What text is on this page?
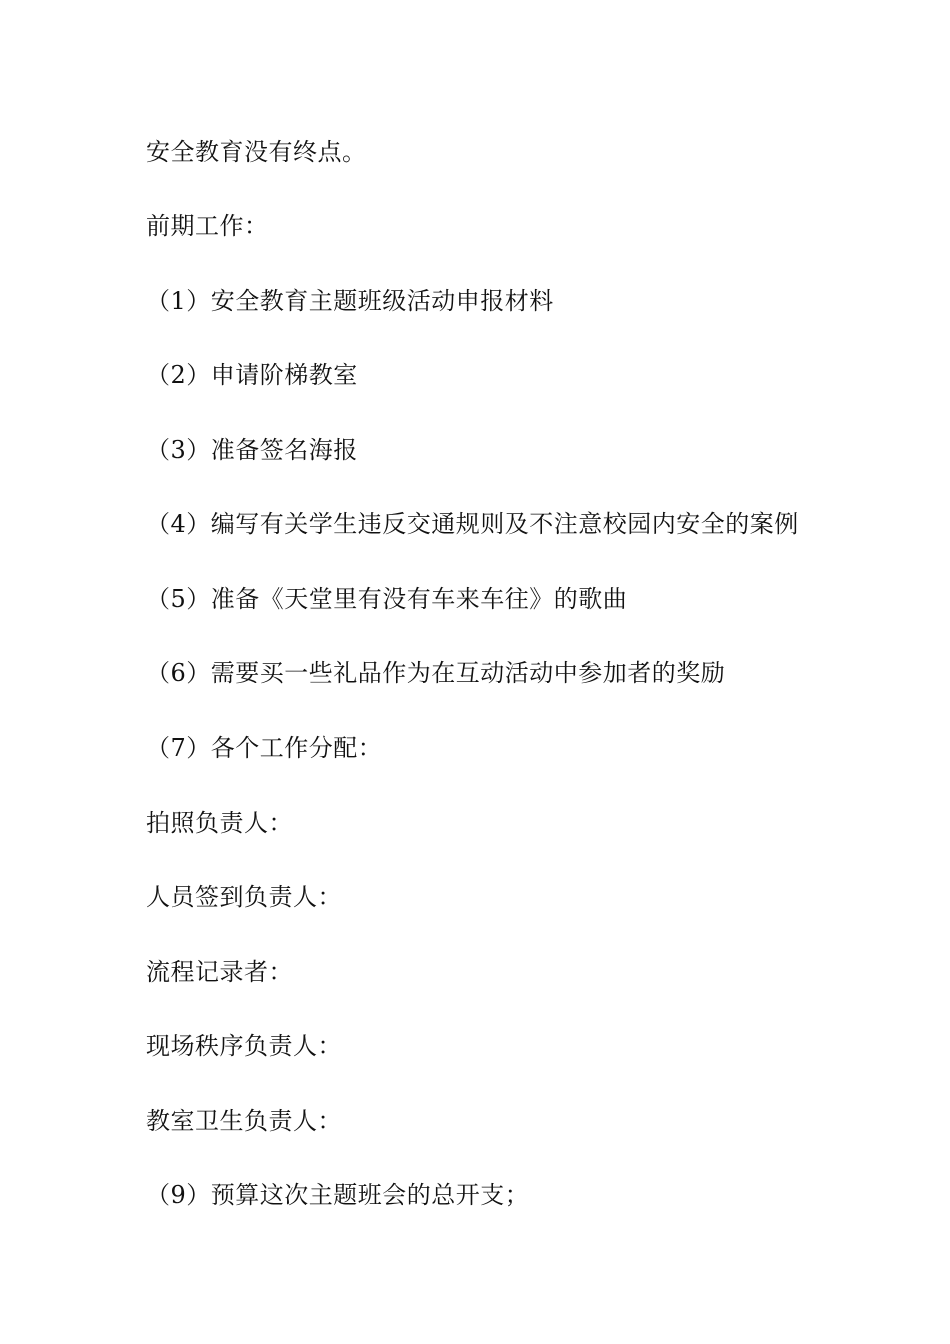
安全教育没有终点。
前期工作：
（1）安全教育主题班级活动申报材料
（2）申请阶梯教室
（3）准备签名海报
（4）编写有关学生违反交通规则及不注意校园内安全的案例
（5）准备《天堂里有没有车来车往》的歌曲
（6）需要买一些礼品作为在互动活动中参加者的奖励
（7）各个工作分配：
拍照负责人：
人员签到负责人：
流程记录者：
现场秩序负责人：
教室卫生负责人：
（9）预算这次主题班会的总开支；
